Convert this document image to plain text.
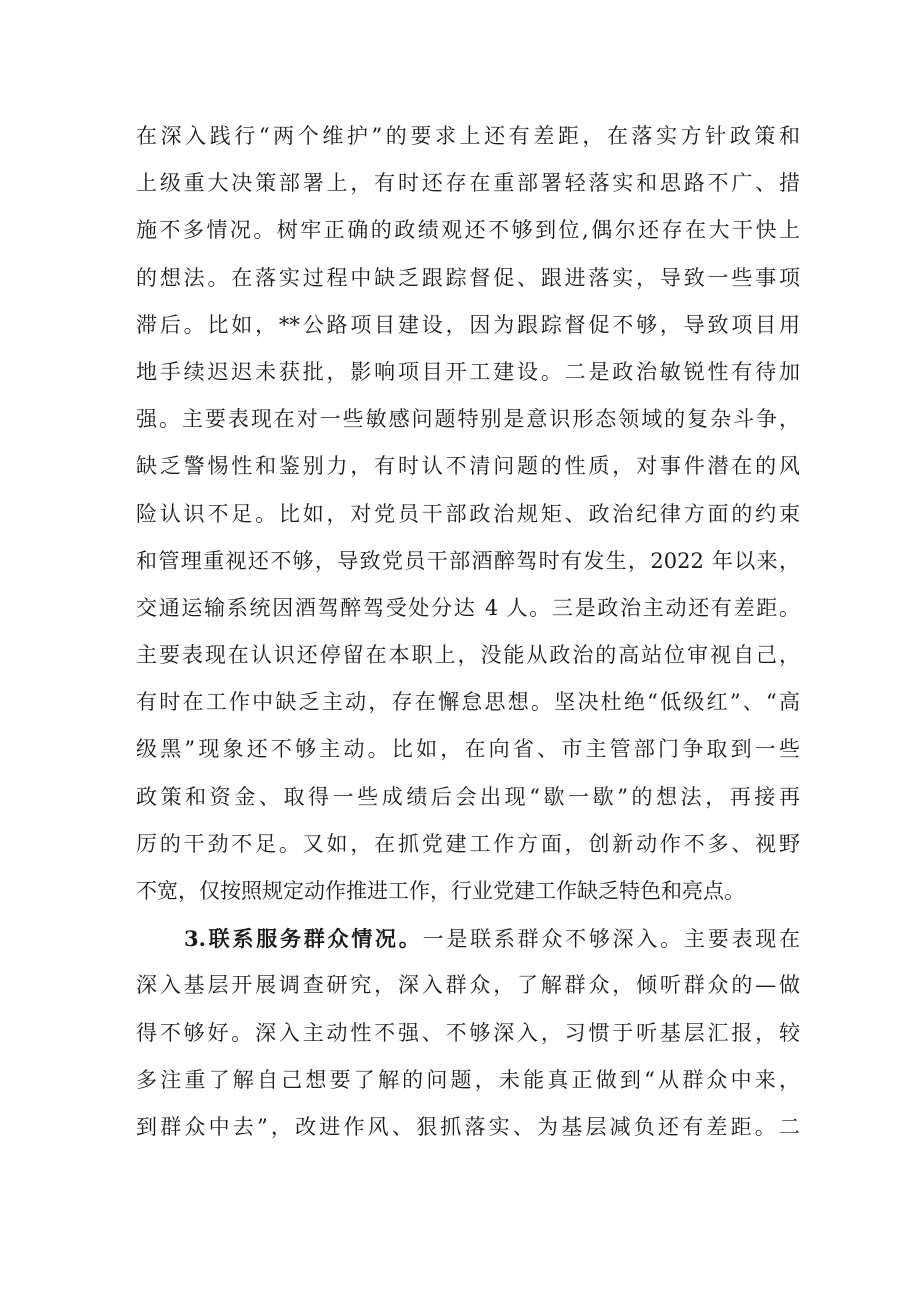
在深入践行“两个维护”的要求上还有差距，在落实方针政策和
上级重大决策部署上，有时还存在重部署轻落实和思路不广、措
施不多情况。树牢正确的政绩观还不够到位,偶尔还存在大干快上
的想法。在落实过程中缺乏跟踪督促、跟进落实，导致一些事项
滞后。比如，**公路项目建设，因为跟踪督促不够，导致项目用
地手续迟迟未获批，影响项目开工建设。二是政治敏锐性有待加
强。主要表现在对一些敏感问题特别是意识形态领域的复杂斗争，
缺乏警惕性和鉴别力，有时认不清问题的性质，对事件潜在的风
险认识不足。比如，对党员干部政治规矩、政治纪律方面的约束
和管理重视还不够，导致党员干部酒醉驾时有发生，2022 年以来，
交通运输系统因酒驾醉驾受处分达 4 人。三是政治主动还有差距。
主要表现在认识还停留在本职上，没能从政治的高站位审视自己，
有时在工作中缺乏主动，存在懈怠思想。坚决杜绝“低级红”、“高
级黑”现象还不够主动。比如，在向省、市主管部门争取到一些
政策和资金、取得一些成绩后会出现“歇一歇”的想法，再接再
厉的干劲不足。又如，在抓党建工作方面，创新动作不多、视野
不宽，仅按照规定动作推进工作，行业党建工作缺乏特色和亮点。
3.联系服务群众情况。一是联系群众不够深入。主要表现在
深入基层开展调查研究，深入群众，了解群众，倾听群众的—做
得不够好。深入主动性不强、不够深入，习惯于听基层汇报，较
多注重了解自己想要了解的问题，未能真正做到“从群众中来，
到群众中去”，改进作风、狠抓落实、为基层减负还有差距。二
